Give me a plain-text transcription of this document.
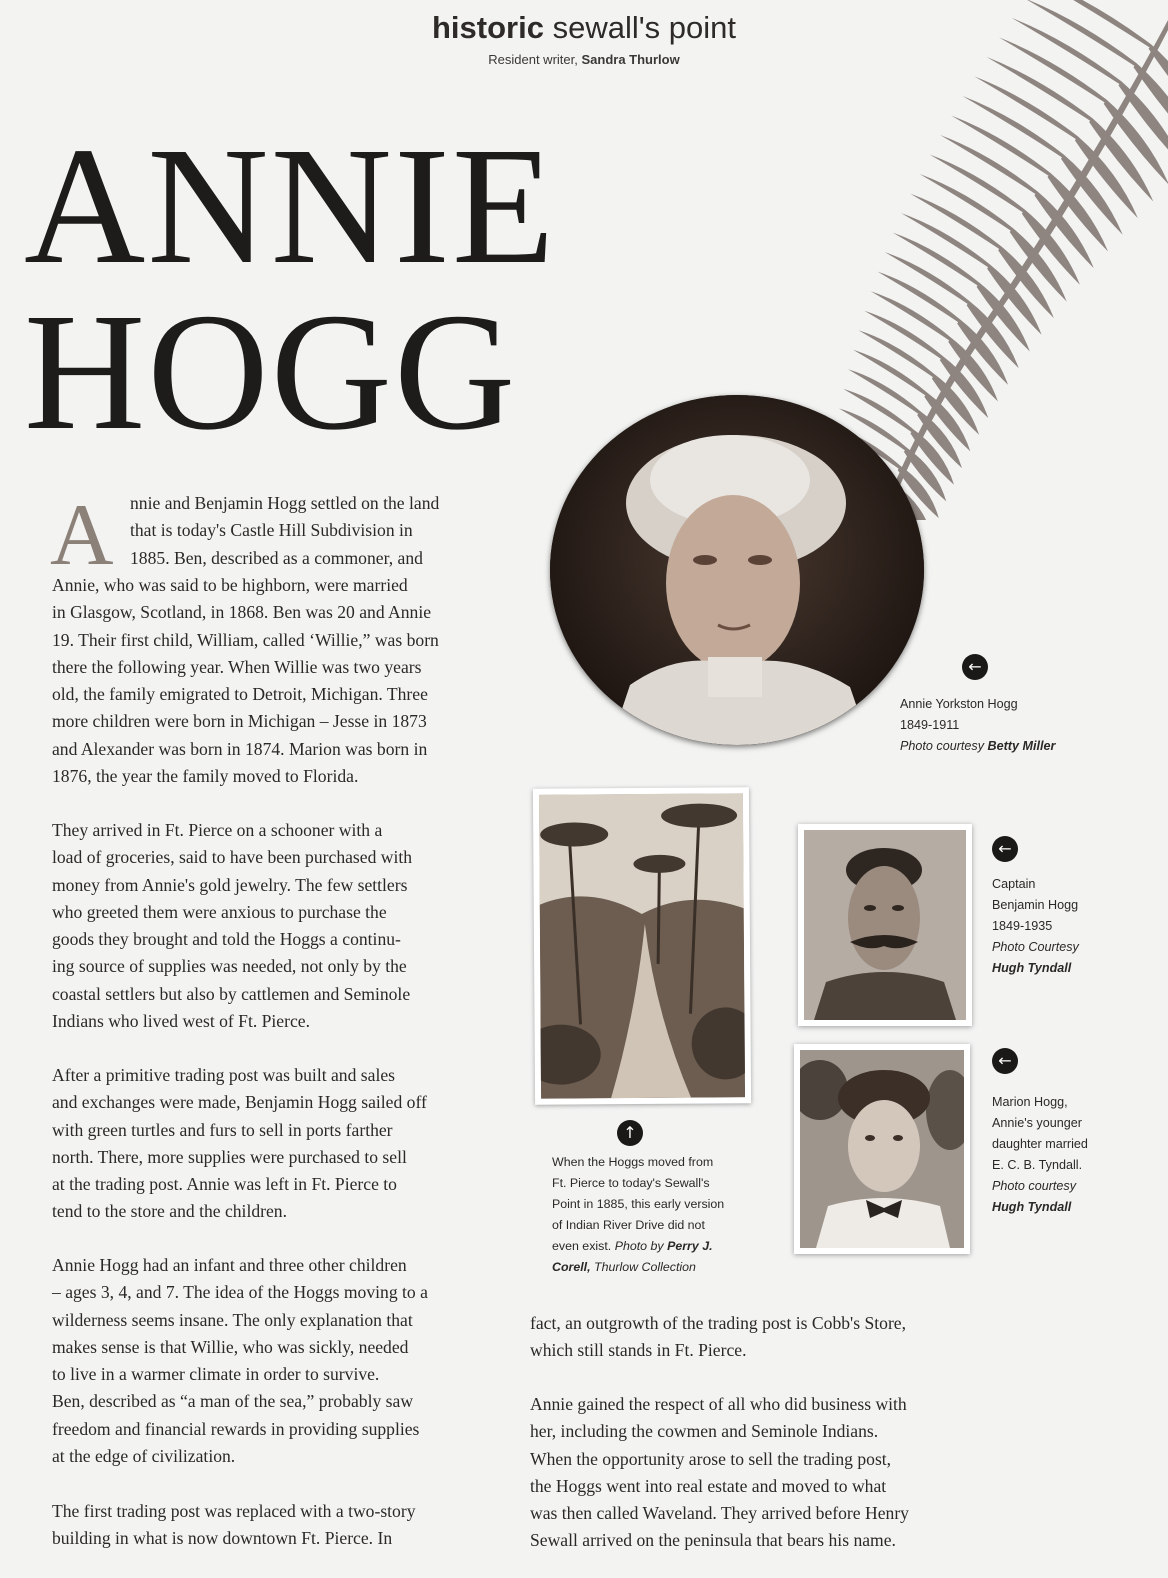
historic sewall's point
Resident writer, Sandra Thurlow
ANNIE
HOGG
←
Annie Yorkston Hogg
1849-1911
Photo courtesy Betty Miller
↑
When the Hoggs moved from
Ft. Pierce to today's Sewall's
Point in 1885, this early version
of Indian River Drive did not
even exist. Photo by Perry J.
Corell, Thurlow Collection
←
Captain
Benjamin Hogg
1849-1935
Photo Courtesy
Hugh Tyndall
←
Marion Hogg,
Annie's younger
daughter married
E. C. B. Tyndall.
Photo courtesy
Hugh Tyndall
A nnie and Benjamin Hogg settled on the land

that is today's Castle Hill Subdivision in

1885. Ben, described as a commoner, and

Annie, who was said to be highborn, were married

in Glasgow, Scotland, in 1868. Ben was 20 and Annie

19. Their first child, William, called ‘Willie,” was born

there the following year. When Willie was two years

old, the family emigrated to Detroit, Michigan. Three

more children were born in Michigan – Jesse in 1873

and Alexander was born in 1874. Marion was born in

1876, the year the family moved to Florida.

They arrived in Ft. Pierce on a schooner with a

load of groceries, said to have been purchased with

money from Annie's gold jewelry. The few settlers

who greeted them were anxious to purchase the

goods they brought and told the Hoggs a continu-

ing source of supplies was needed, not only by the

coastal settlers but also by cattlemen and Seminole

Indians who lived west of Ft. Pierce.

After a primitive trading post was built and sales

and exchanges were made, Benjamin Hogg sailed off

with green turtles and furs to sell in ports farther

north. There, more supplies were purchased to sell

at the trading post. Annie was left in Ft. Pierce to

tend to the store and the children.

Annie Hogg had an infant and three other children

– ages 3, 4, and 7. The idea of the Hoggs moving to a

wilderness seems insane. The only explanation that

makes sense is that Willie, who was sickly, needed

to live in a warmer climate in order to survive.

Ben, described as “a man of the sea,” probably saw

freedom and financial rewards in providing supplies

at the edge of civilization.

The first trading post was replaced with a two-story

building in what is now downtown Ft. Pierce. In

fact, an outgrowth of the trading post is Cobb's Store,

which still stands in Ft. Pierce.

Annie gained the respect of all who did business with

her, including the cowmen and Seminole Indians.

When the opportunity arose to sell the trading post,

the Hoggs went into real estate and moved to what

was then called Waveland. They arrived before Henry

Sewall arrived on the peninsula that bears his name.
